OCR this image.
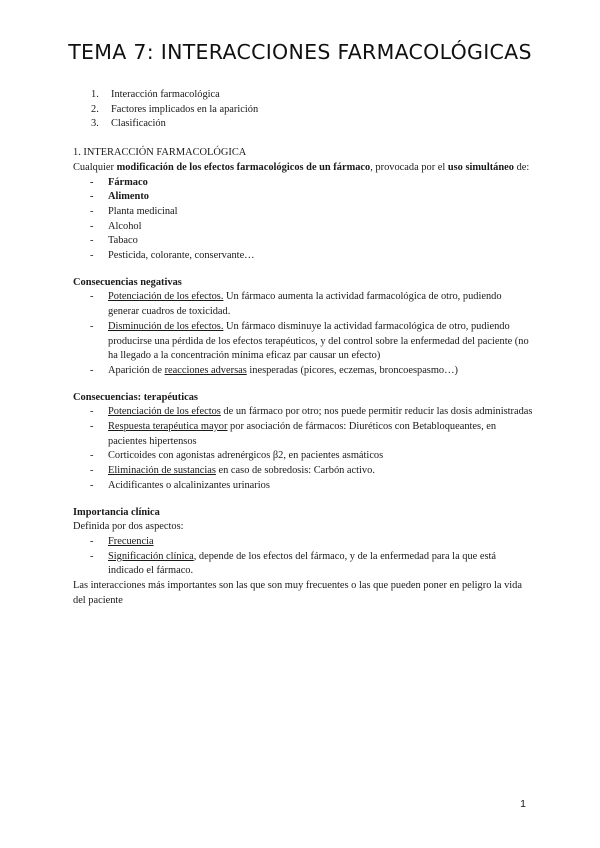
TEMA 7: INTERACCIONES FARMACOLÓGICAS
1.	Interacción farmacológica
2.	Factores implicados en la aparición
3.	Clasificación
1. INTERACCIÓN FARMACOLÓGICA
Cualquier modificación de los efectos farmacológicos de un fármaco, provocada por el uso simultáneo de:
- Fármaco
- Alimento
- Planta medicinal
- Alcohol
- Tabaco
- Pesticida, colorante, conservante…
Consecuencias negativas
- Potenciación de los efectos. Un fármaco aumenta la actividad farmacológica de otro, pudiendo generar cuadros de toxicidad.
- Disminución de los efectos. Un fármaco disminuye la actividad farmacológica de otro, pudiendo producirse una pérdida de los efectos terapéuticos, y del control sobre la enfermedad del paciente (no ha llegado a la concentración mínima eficaz par causar un efecto)
- Aparición de reacciones adversas inesperadas (picores, eczemas, broncoespasmo…)
Consecuencias: terapéuticas
- Potenciación de los efectos de un fármaco por otro; nos puede permitir reducir las dosis administradas
- Respuesta terapéutica mayor por asociación de fármacos: Diuréticos con Betabloqueantes, en pacientes hipertensos
- Corticoides con agonistas adrenérgicos β2, en pacientes asmáticos
- Eliminación de sustancias en caso de sobredosis: Carbón activo.
- Acidificantes o alcalinizantes urinarios
Importancia clínica
Definida por dos aspectos:
- Frecuencia
- Significación clínica, depende de los efectos del fármaco, y de la enfermedad para la que está indicado el fármaco.
Las interacciones más importantes son las que son muy frecuentes o las que pueden poner en peligro la vida del paciente
1
